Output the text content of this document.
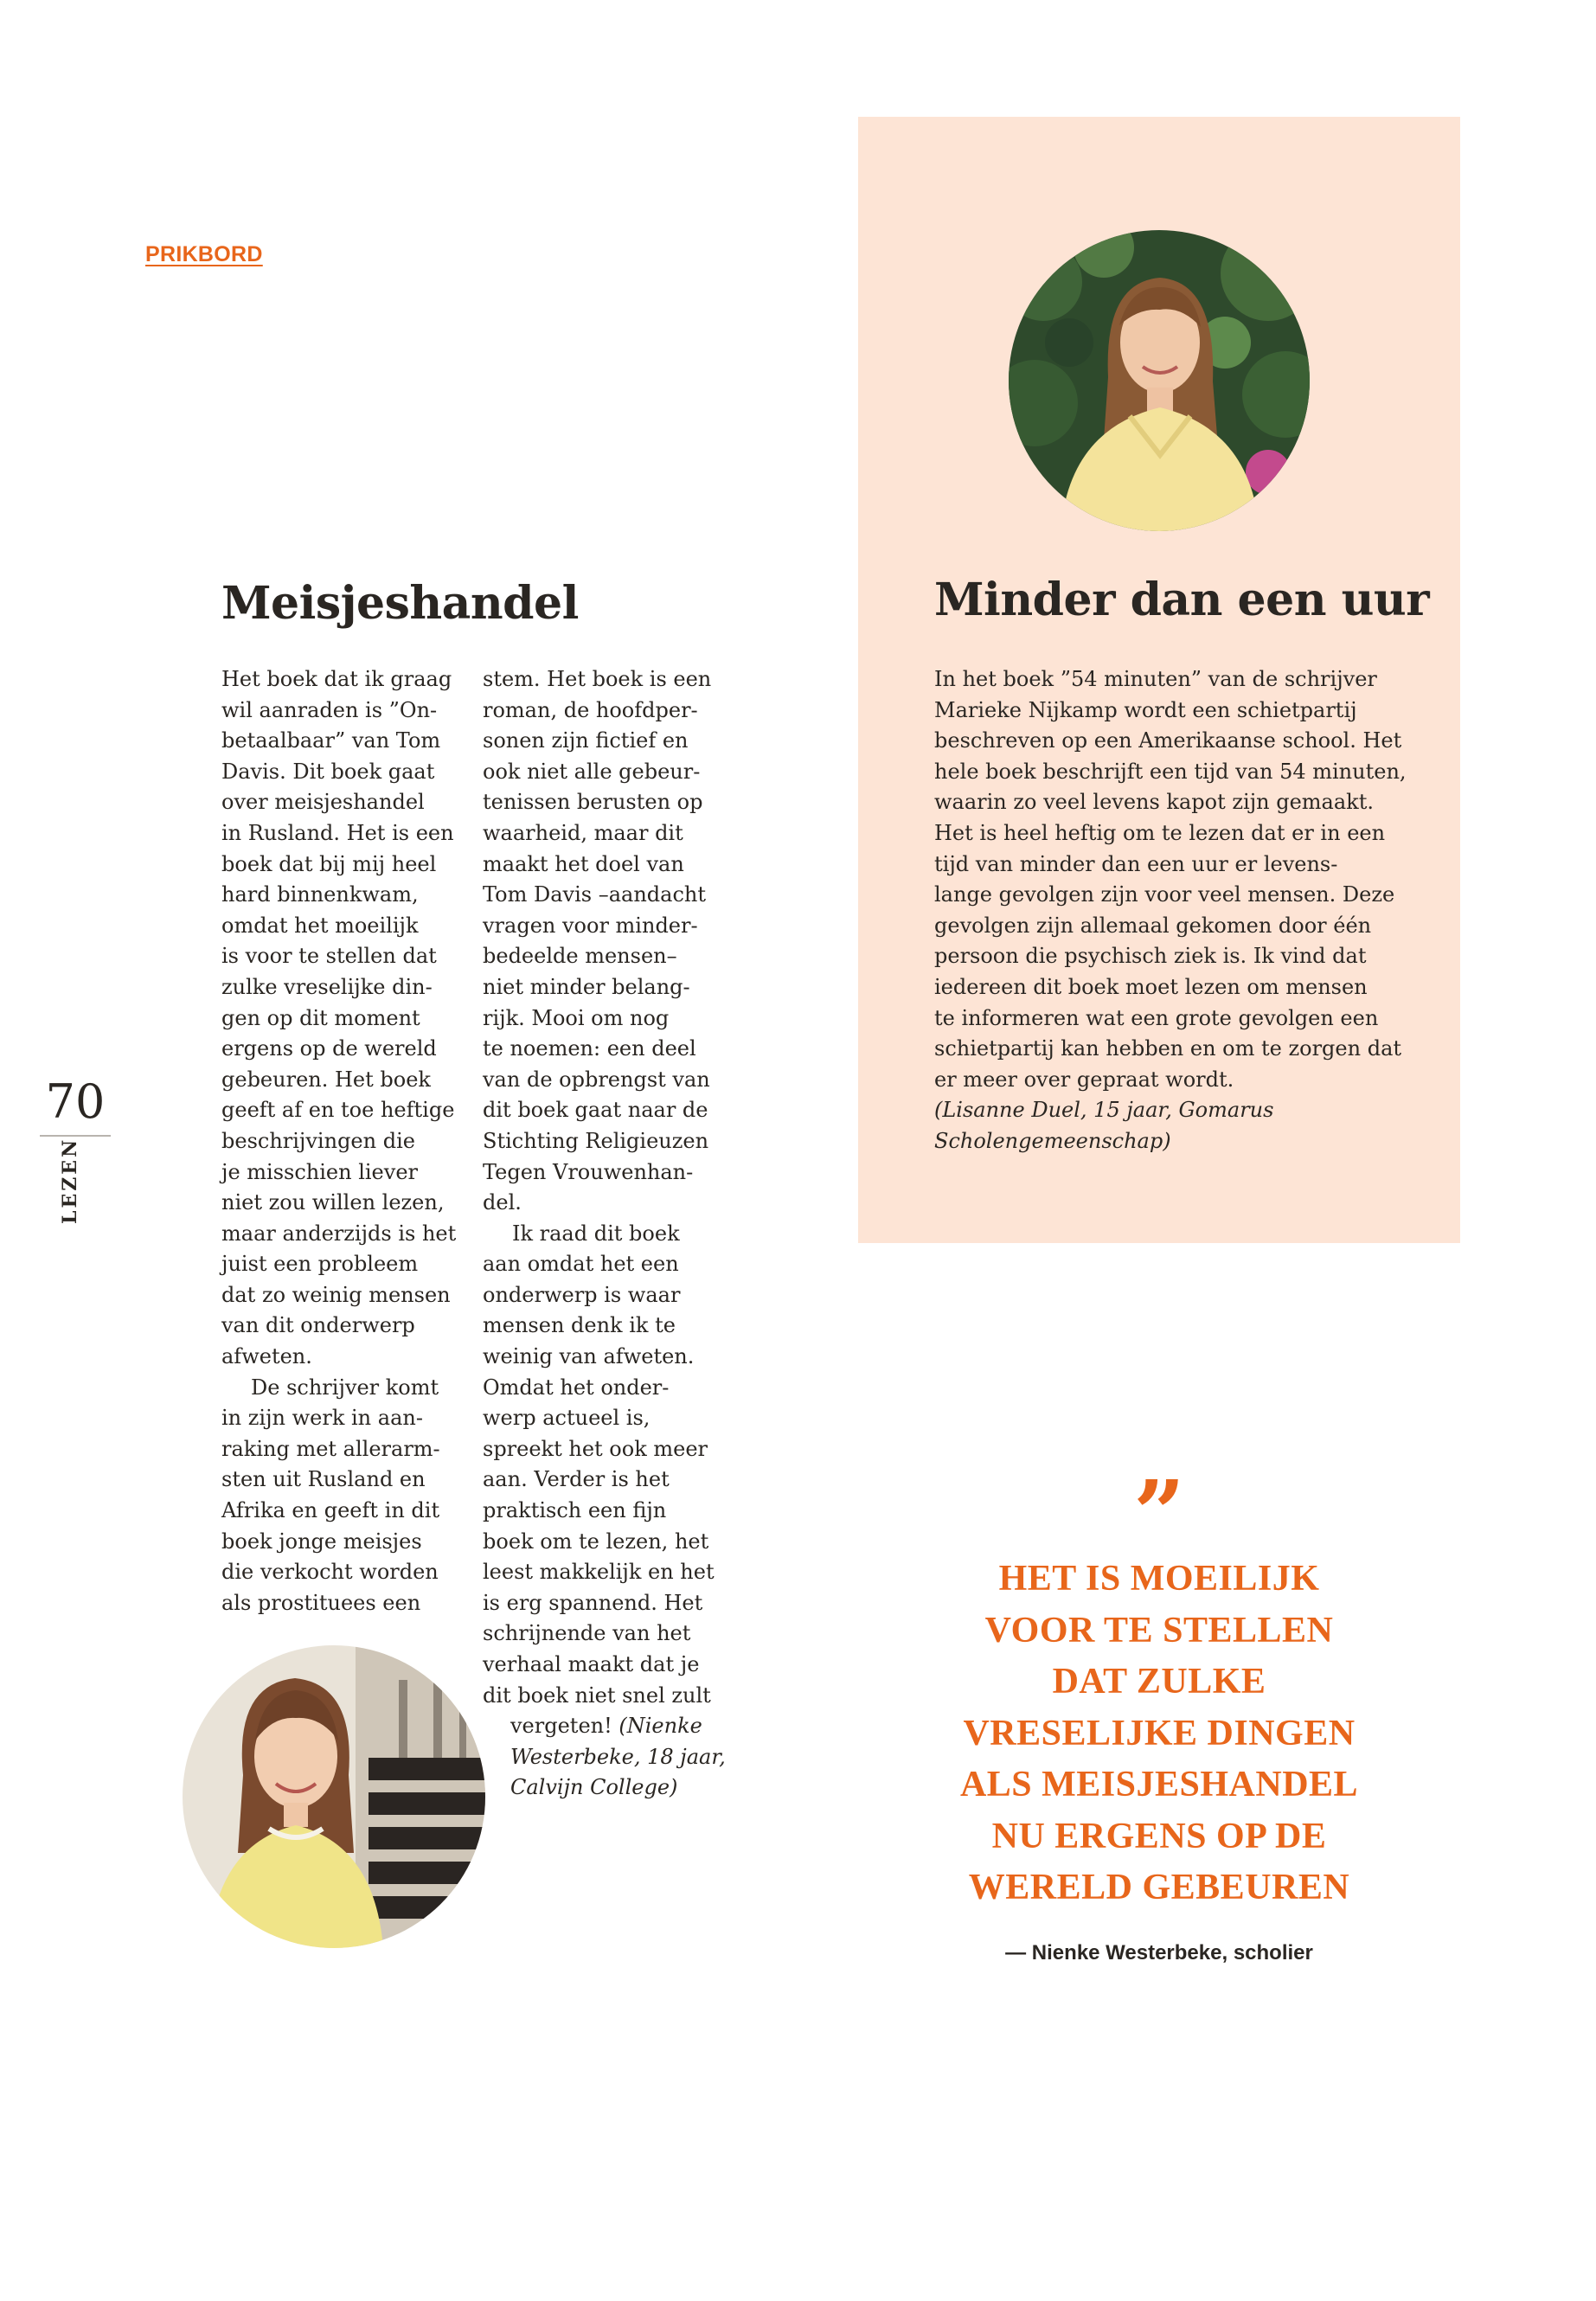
PRIKBORD
70
LEZEN
Meisjeshandel	Minder dan een uur
Het boek dat ik graag
wil aanraden is ”On-
betaalbaar” van Tom
Davis. Dit boek gaat
over meisjeshandel
in Rusland. Het is een
boek dat bij mij heel
hard binnenkwam,
omdat het moeilijk
is voor te stellen dat
zulke vreselijke din-
gen op dit moment
ergens op de wereld
gebeuren. Het boek
geeft af en toe heftige
beschrijvingen die
je misschien liever
niet zou willen lezen,
maar anderzijds is het
juist een probleem
dat zo weinig mensen
van dit onderwerp
afweten.
De schrijver komt
in zijn werk in aan-
raking met allerarm-
sten uit Rusland en
Afrika en geeft in dit
boek jonge meisjes
die verkocht worden
als prostituees een
stem. Het boek is een
roman, de hoofdper-
sonen zijn fictief en
ook niet alle gebeur-
tenissen berusten op
waarheid, maar dit
maakt het doel van
Tom Davis –aandacht
vragen voor minder-
bedeelde mensen–
niet minder belang-
rijk. Mooi om nog
te noemen: een deel
van de opbrengst van
dit boek gaat naar de
Stichting Religieuzen
Tegen Vrouwenhan-
del.
Ik raad dit boek
aan omdat het een
onderwerp is waar
mensen denk ik te
weinig van afweten.
Omdat het onder-
werp actueel is,
spreekt het ook meer
aan. Verder is het
praktisch een fijn
boek om te lezen, het
leest makkelijk en het
is erg spannend. Het
schrijnende van het
verhaal maakt dat je
dit boek niet snel zult
vergeten! (Nienke
Westerbeke, 18 jaar,
Calvijn College)
In het boek ”54 minuten” van de schrijver
Marieke Nijkamp wordt een schietpartij
beschreven op een Amerikaanse school. Het
hele boek beschrijft een tijd van 54 minuten,
waarin zo veel levens kapot zijn gemaakt.
Het is heel heftig om te lezen dat er in een
tijd van minder dan een uur er levens-
lange gevolgen zijn voor veel mensen. Deze
gevolgen zijn allemaal gekomen door één
persoon die psychisch ziek is. Ik vind dat
iedereen dit boek moet lezen om mensen
te informeren wat een grote gevolgen een
schietpartij kan hebben en om te zorgen dat
er meer over gepraat wordt.
(Lisanne Duel, 15 jaar, Gomarus
Scholengemeenschap)
”
HET IS MOEILIJK
VOOR TE STELLEN
DAT ZULKE
VRESELIJKE DINGEN
ALS MEISJESHANDEL
NU ERGENS OP DE
WERELD GEBEUREN
— Nienke Westerbeke, scholier
